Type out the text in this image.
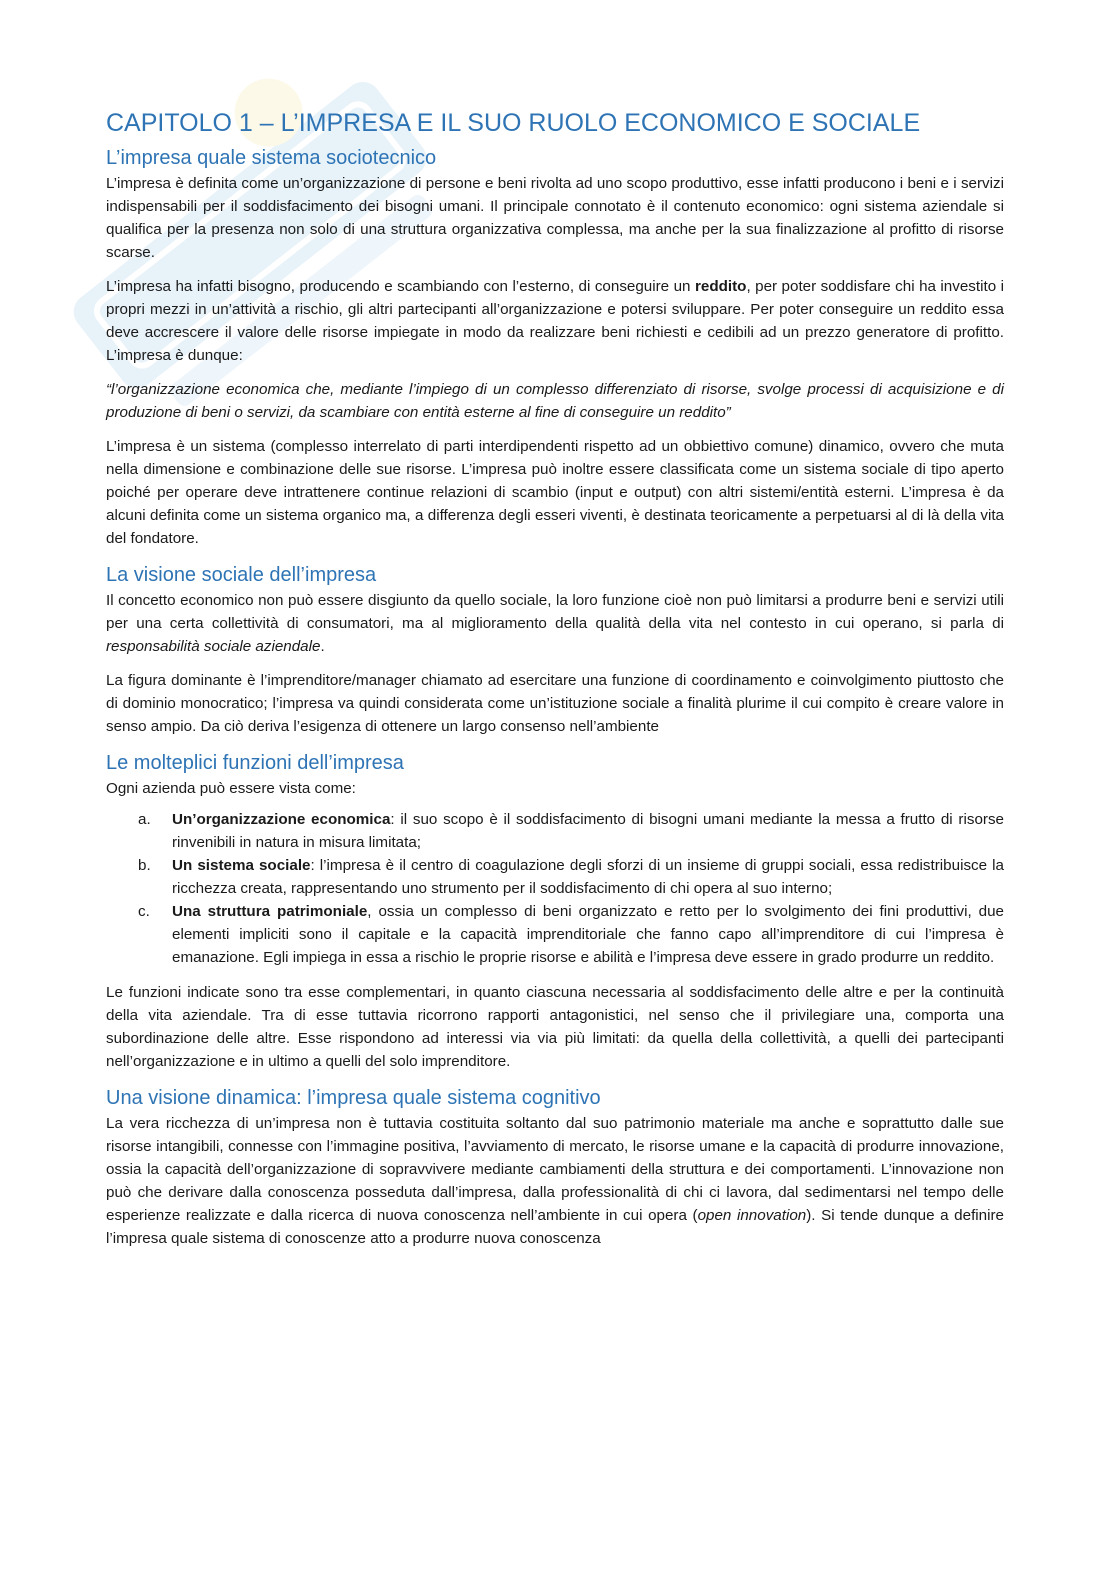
CAPITOLO 1 – L’IMPRESA E IL SUO RUOLO ECONOMICO E SOCIALE
L’impresa quale sistema sociotecnico

L’impresa è definita come un’organizzazione di persone e beni rivolta ad uno scopo produttivo, esse infatti producono i beni e i servizi indispensabili per il soddisfacimento dei bisogni umani. Il principale connotato è il contenuto economico: ogni sistema aziendale si qualifica per la presenza non solo di una struttura organizzativa complessa, ma anche per la sua finalizzazione al profitto di risorse scarse.

L’impresa ha infatti bisogno, producendo e scambiando con l’esterno, di conseguire un reddito, per poter soddisfare chi ha investito i propri mezzi in un’attività a rischio, gli altri partecipanti all’organizzazione e potersi sviluppare. Per poter conseguire un reddito essa deve accrescere il valore delle risorse impiegate in modo da realizzare beni richiesti e cedibili ad un prezzo generatore di profitto. L’impresa è dunque:

“l’organizzazione economica che, mediante l’impiego di un complesso differenziato di risorse, svolge processi di acquisizione e di produzione di beni o servizi, da scambiare con entità esterne al fine di conseguire un reddito”

L’impresa è un sistema (complesso interrelato di parti interdipendenti rispetto ad un obbiettivo comune) dinamico, ovvero che muta nella dimensione e combinazione delle sue risorse. L’impresa può inoltre essere classificata come un sistema sociale di tipo aperto poiché per operare deve intrattenere continue relazioni di scambio (input e output) con altri sistemi/entità esterni. L’impresa è da alcuni definita come un sistema organico ma, a differenza degli esseri viventi, è destinata teoricamente a perpetuarsi al di là della vita del fondatore.

La visione sociale dell’impresa

Il concetto economico non può essere disgiunto da quello sociale, la loro funzione cioè non può limitarsi a produrre beni e servizi utili per una certa collettività di consumatori, ma al miglioramento della qualità della vita nel contesto in cui operano, si parla di responsabilità sociale aziendale.

La figura dominante è l’imprenditore/manager chiamato ad esercitare una funzione di coordinamento e coinvolgimento piuttosto che di dominio monocratico; l’impresa va quindi considerata come un’istituzione sociale a finalità plurime il cui compito è creare valore in senso ampio. Da ciò deriva l’esigenza di ottenere un largo consenso nell’ambiente

Le molteplici funzioni dell’impresa

Ogni azienda può essere vista come:

a. Un’organizzazione economica: il suo scopo è il soddisfacimento di bisogni umani mediante la messa a frutto di risorse rinvenibili in natura in misura limitata;
b. Un sistema sociale: l’impresa è il centro di coagulazione degli sforzi di un insieme di gruppi sociali, essa redistribuisce la ricchezza creata, rappresentando uno strumento per il soddisfacimento di chi opera al suo interno;
c. Una struttura patrimoniale, ossia un complesso di beni organizzato e retto per lo svolgimento dei fini produttivi, due elementi impliciti sono il capitale e la capacità imprenditoriale che fanno capo all’imprenditore di cui l’impresa è emanazione. Egli impiega in essa a rischio le proprie risorse e abilità e l’impresa deve essere in grado produrre un reddito.

Le funzioni indicate sono tra esse complementari, in quanto ciascuna necessaria al soddisfacimento delle altre e per la continuità della vita aziendale. Tra di esse tuttavia ricorrono rapporti antagonistici, nel senso che il privilegiare una, comporta una subordinazione delle altre. Esse rispondono ad interessi via via più limitati: da quella della collettività, a quelli dei partecipanti nell’organizzazione e in ultimo a quelli del solo imprenditore.

Una visione dinamica: l’impresa quale sistema cognitivo

La vera ricchezza di un’impresa non è tuttavia costituita soltanto dal suo patrimonio materiale ma anche e soprattutto dalle sue risorse intangibili, connesse con l’immagine positiva, l’avviamento di mercato, le risorse umane e la capacità di produrre innovazione, ossia la capacità dell’organizzazione di sopravvivere mediante cambiamenti della struttura e dei comportamenti. L’innovazione non può che derivare dalla conoscenza posseduta dall’impresa, dalla professionalità di chi ci lavora, dal sedimentarsi nel tempo delle esperienze realizzate e dalla ricerca di nuova conoscenza nell’ambiente in cui opera (open innovation). Si tende dunque a definire l’impresa quale sistema di conoscenze atto a produrre nuova conoscenza
